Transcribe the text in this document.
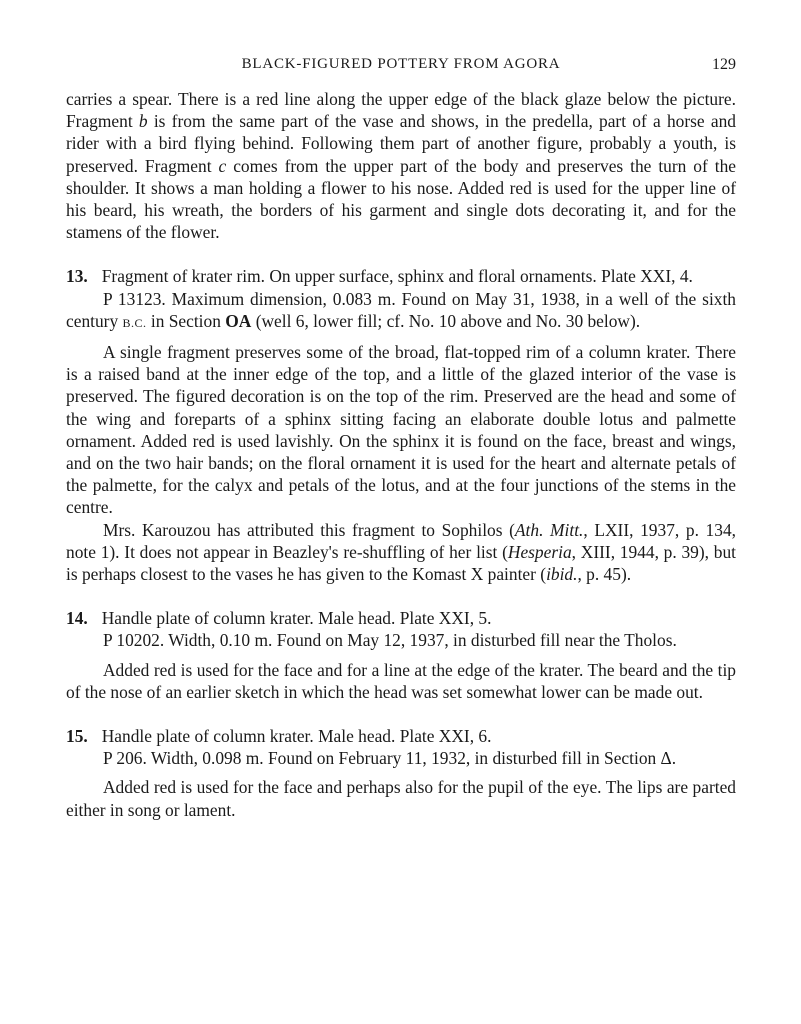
BLACK-FIGURED POTTERY FROM AGORA	129

carries a spear. There is a red line along the upper edge of the black glaze below the picture. Fragment b is from the same part of the vase and shows, in the predella, part of a horse and rider with a bird flying behind. Following them part of another figure, probably a youth, is preserved. Fragment c comes from the upper part of the body and preserves the turn of the shoulder. It shows a man holding a flower to his nose. Added red is used for the upper line of his beard, his wreath, the borders of his garment and single dots decorating it, and for the stamens of the flower.

13. Fragment of krater rim. On upper surface, sphinx and floral ornaments. Plate XXI, 4.

P 13123. Maximum dimension, 0.083 m. Found on May 31, 1938, in a well of the sixth century B.C. in Section OA (well 6, lower fill; cf. No. 10 above and No. 30 below).

A single fragment preserves some of the broad, flat-topped rim of a column krater. There is a raised band at the inner edge of the top, and a little of the glazed interior of the vase is preserved. The figured decoration is on the top of the rim. Preserved are the head and some of the wing and foreparts of a sphinx sitting facing an elaborate double lotus and palmette ornament. Added red is used lavishly. On the sphinx it is found on the face, breast and wings, and on the two hair bands; on the floral ornament it is used for the heart and alternate petals of the palmette, for the calyx and petals of the lotus, and at the four junctions of the stems in the centre.

Mrs. Karouzou has attributed this fragment to Sophilos (Ath. Mitt., LXII, 1937, p. 134, note 1). It does not appear in Beazley's re-shuffling of her list (Hesperia, XIII, 1944, p. 39), but is perhaps closest to the vases he has given to the Komast X painter (ibid., p. 45).

14. Handle plate of column krater. Male head. Plate XXI, 5.

P 10202. Width, 0.10 m. Found on May 12, 1937, in disturbed fill near the Tholos.

Added red is used for the face and for a line at the edge of the krater. The beard and the tip of the nose of an earlier sketch in which the head was set somewhat lower can be made out.

15. Handle plate of column krater. Male head. Plate XXI, 6.

P 206. Width, 0.098 m. Found on February 11, 1932, in disturbed fill in Section Δ.

Added red is used for the face and perhaps also for the pupil of the eye. The lips are parted either in song or lament.
